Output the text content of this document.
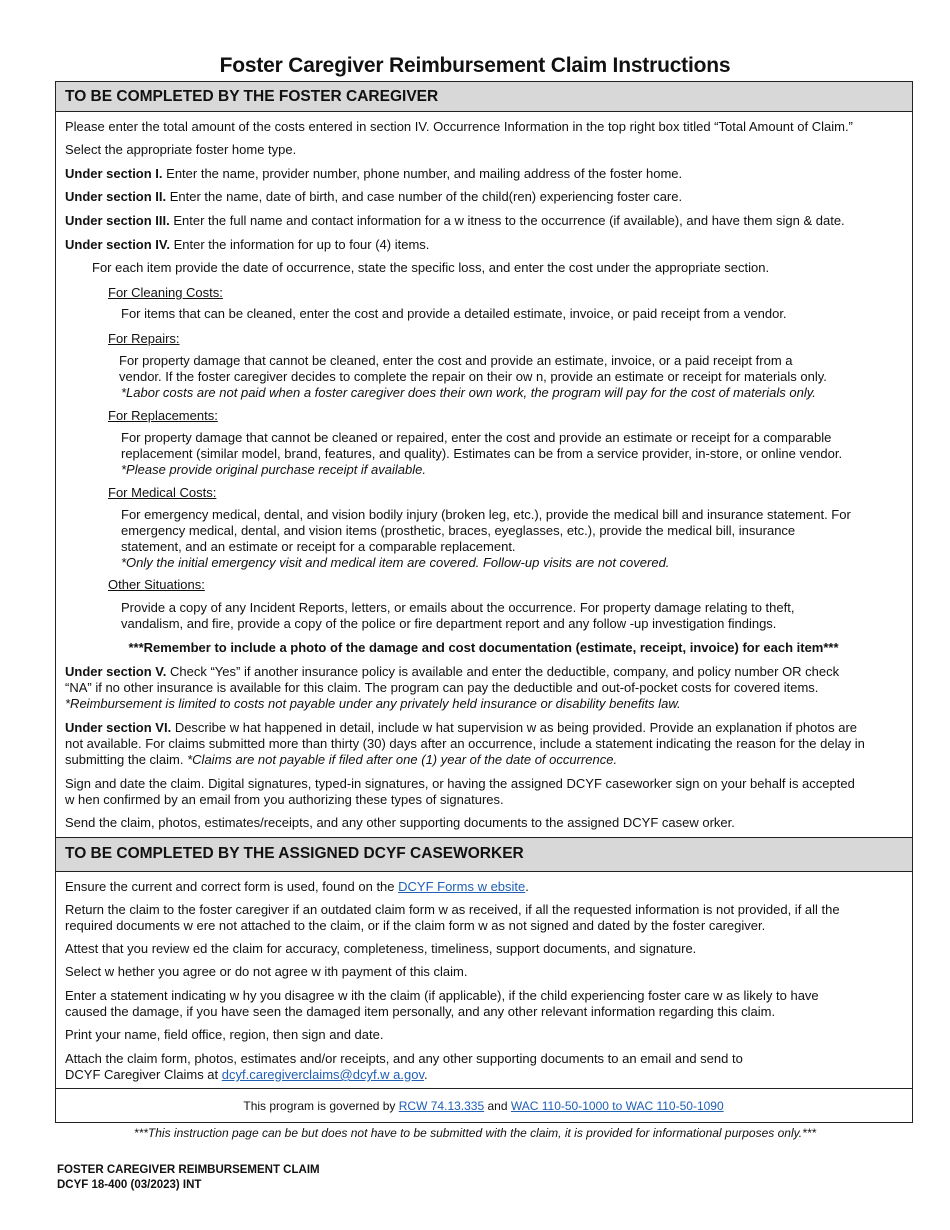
Foster Caregiver Reimbursement Claim Instructions
TO BE COMPLETED BY THE FOSTER CAREGIVER
Please enter the total amount of the costs entered in section IV. Occurrence Information in the top right box titled “Total Amount of Claim.”
Select the appropriate foster home type.
Under section I. Enter the name, provider number, phone number, and mailing address of the foster home.
Under section II. Enter the name, date of birth, and case number of the child(ren) experiencing foster care.
Under section III. Enter the full name and contact information for a w itness to the occurrence (if available), and have them sign & date.
Under section IV. Enter the information for up to four (4) items.
For each item provide the date of occurrence, state the specific loss, and enter the cost under the appropriate section.
For Cleaning Costs:
For items that can be cleaned, enter the cost and provide a detailed estimate, invoice, or paid receipt from a vendor.
For Repairs:
For property damage that cannot be cleaned, enter the cost and provide an estimate, invoice, or a paid receipt from a
vendor. If the foster caregiver decides to complete the repair on their ow n, provide an estimate or receipt for materials only.
*Labor costs are not paid when a foster caregiver does their own work, the program will pay for the cost of materials only.
For Replacements:
For property damage that cannot be cleaned or repaired, enter the cost and provide an estimate or receipt for a comparable
replacement (similar model, brand, features, and quality). Estimates can be from a service provider, in-store, or online vendor.
*Please provide original purchase receipt if available.
For Medical Costs:
For emergency medical, dental, and vision bodily injury (broken leg, etc.), provide the medical bill and insurance statement. For
emergency medical, dental, and vision items (prosthetic, braces, eyeglasses, etc.), provide the medical bill, insurance
statement, and an estimate or receipt for a comparable replacement.
*Only the initial emergency visit and medical item are covered. Follow-up visits are not covered.
Other Situations:
Provide a copy of any Incident Reports, letters, or emails about the occurrence. For property damage relating to theft,
vandalism, and fire, provide a copy of the police or fire department report and any follow -up investigation findings.
***Remember to include a photo of the damage and cost documentation (estimate, receipt, invoice) for each item***
Under section V. Check “Yes” if another insurance policy is available and enter the deductible, company, and policy number OR check
“NA” if no other insurance is available for this claim. The program can pay the deductible and out-of-pocket costs for covered items.
*Reimbursement is limited to costs not payable under any privately held insurance or disability benefits law.
Under section VI. Describe w hat happened in detail, include w hat supervision w as being provided. Provide an explanation if photos are
not available. For claims submitted more than thirty (30) days after an occurrence, include a statement indicating the reason for the delay in
submitting the claim. *Claims are not payable if filed after one (1) year of the date of occurrence.
Sign and date the claim. Digital signatures, typed-in signatures, or having the assigned DCYF caseworker sign on your behalf is accepted
w hen confirmed by an email from you authorizing these types of signatures.
Send the claim, photos, estimates/receipts, and any other supporting documents to the assigned DCYF casew orker.
TO BE COMPLETED BY THE ASSIGNED DCYF CASEWORKER
Ensure the current and correct form is used, found on the DCYF Forms w ebsite.
Return the claim to the foster caregiver if an outdated claim form w as received, if all the requested information is not provided, if all the
required documents w ere not attached to the claim, or if the claim form w as not signed and dated by the foster caregiver.
Attest that you review ed the claim for accuracy, completeness, timeliness, support documents, and signature.
Select w hether you agree or do not agree w ith payment of this claim.
Enter a statement indicating w hy you disagree w ith the claim (if applicable), if the child experiencing foster care w as likely to have
caused the damage, if you have seen the damaged item personally, and any other relevant information regarding this claim.
Print your name, field office, region, then sign and date.
Attach the claim form, photos, estimates and/or receipts, and any other supporting documents to an email and send to
DCYF Caregiver Claims at dcyf.caregiverclaims@dcyf.w a.gov.
This program is governed by RCW 74.13.335 and WAC 110-50-1000 to WAC 110-50-1090
***This instruction page can be but does not have to be submitted with the claim, it is provided for informational purposes only.***
FOSTER CAREGIVER REIMBURSEMENT CLAIM
DCYF 18-400 (03/2023) INT
